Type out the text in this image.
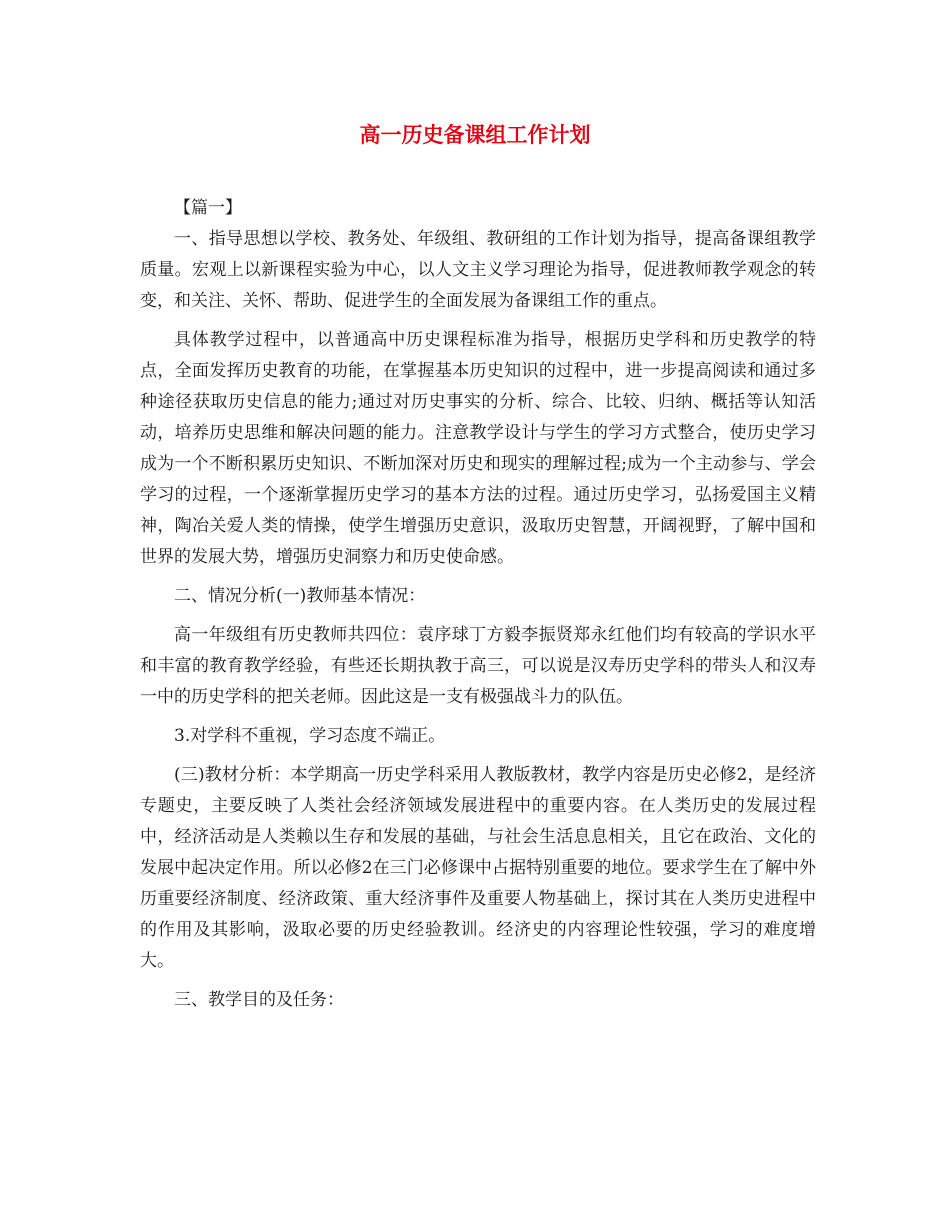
高一历史备课组工作计划

【篇一】

一、指导思想以学校、教务处、年级组、教研组的工作计划为指导，提高备课组教学质量。宏观上以新课程实验为中心，以人文主义学习理论为指导，促进教师教学观念的转变，和关注、关怀、帮助、促进学生的全面发展为备课组工作的重点。

具体教学过程中，以普通高中历史课程标准为指导，根据历史学科和历史教学的特点，全面发挥历史教育的功能，在掌握基本历史知识的过程中，进一步提高阅读和通过多种途径获取历史信息的能力;通过对历史事实的分析、综合、比较、归纳、概括等认知活动，培养历史思维和解决问题的能力。注意教学设计与学生的学习方式整合，使历史学习成为一个不断积累历史知识、不断加深对历史和现实的理解过程;成为一个主动参与、学会学习的过程，一个逐渐掌握历史学习的基本方法的过程。通过历史学习，弘扬爱国主义精神，陶冶关爱人类的情操，使学生增强历史意识，汲取历史智慧，开阔视野，了解中国和世界的发展大势，增强历史洞察力和历史使命感。

二、情况分析(一)教师基本情况：

高一年级组有历史教师共四位：袁序球丁方毅李振贤郑永红他们均有较高的学识水平和丰富的教育教学经验，有些还长期执教于高三，可以说是汉寿历史学科的带头人和汉寿一中的历史学科的把关老师。因此这是一支有极强战斗力的队伍。

3.对学科不重视，学习态度不端正。

(三)教材分析：本学期高一历史学科采用人教版教材，教学内容是历史必修2，是经济专题史，主要反映了人类社会经济领域发展进程中的重要内容。在人类历史的发展过程中，经济活动是人类赖以生存和发展的基础，与社会生活息息相关，且它在政治、文化的发展中起决定作用。所以必修2在三门必修课中占据特别重要的地位。要求学生在了解中外历重要经济制度、经济政策、重大经济事件及重要人物基础上，探讨其在人类历史进程中的作用及其影响，汲取必要的历史经验教训。经济史的内容理论性较强，学习的难度增大。

三、教学目的及任务：
